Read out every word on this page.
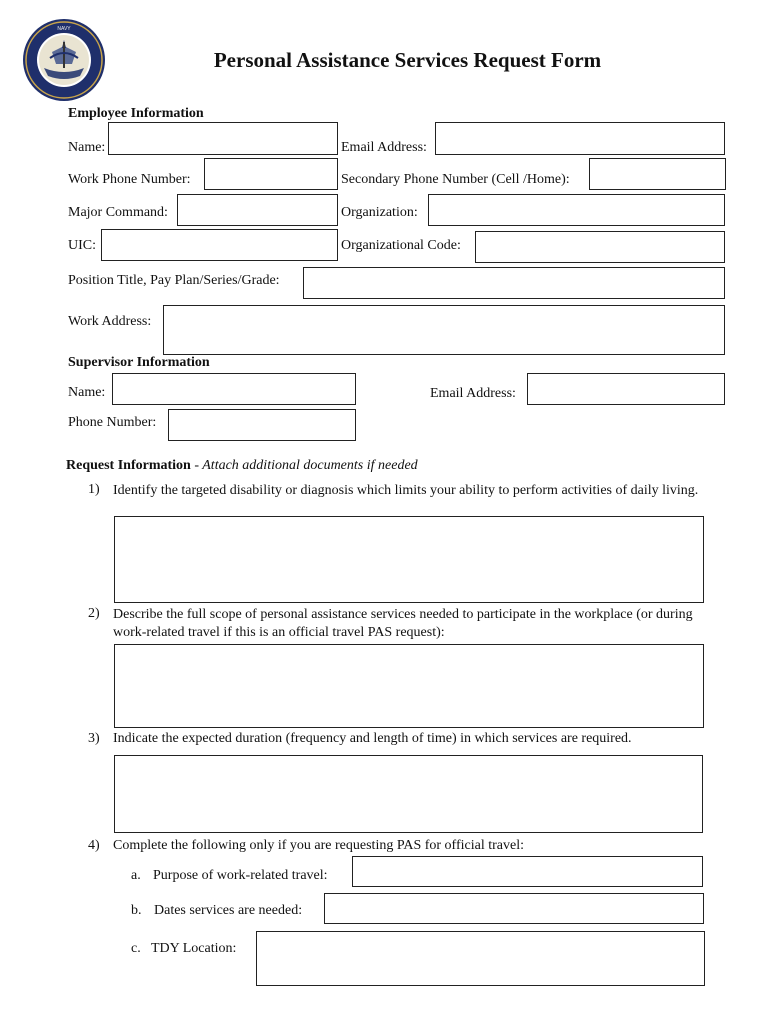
NAVY
Personal Assistance Services Request Form
Employee Information
Name:	Email Address:
Work Phone Number:	Secondary Phone Number (Cell /Home):
Major Command:	Organization:
UIC:	Organizational Code:
Position Title, Pay Plan/Series/Grade:
Work Address:
Supervisor Information
Name:	Email Address:
Phone Number:
Request Information - Attach additional documents if needed
1) Identify the targeted disability or diagnosis which limits your ability to perform activities of daily living.
2) Describe the full scope of personal assistance services needed to participate in the workplace (or during work-related travel if this is an official travel PAS request):
3) Indicate the expected duration (frequency and length of time) in which services are required.
4) Complete the following only if you are requesting PAS for official travel:
a. Purpose of work-related travel:
b. Dates services are needed:
c. TDY Location:
